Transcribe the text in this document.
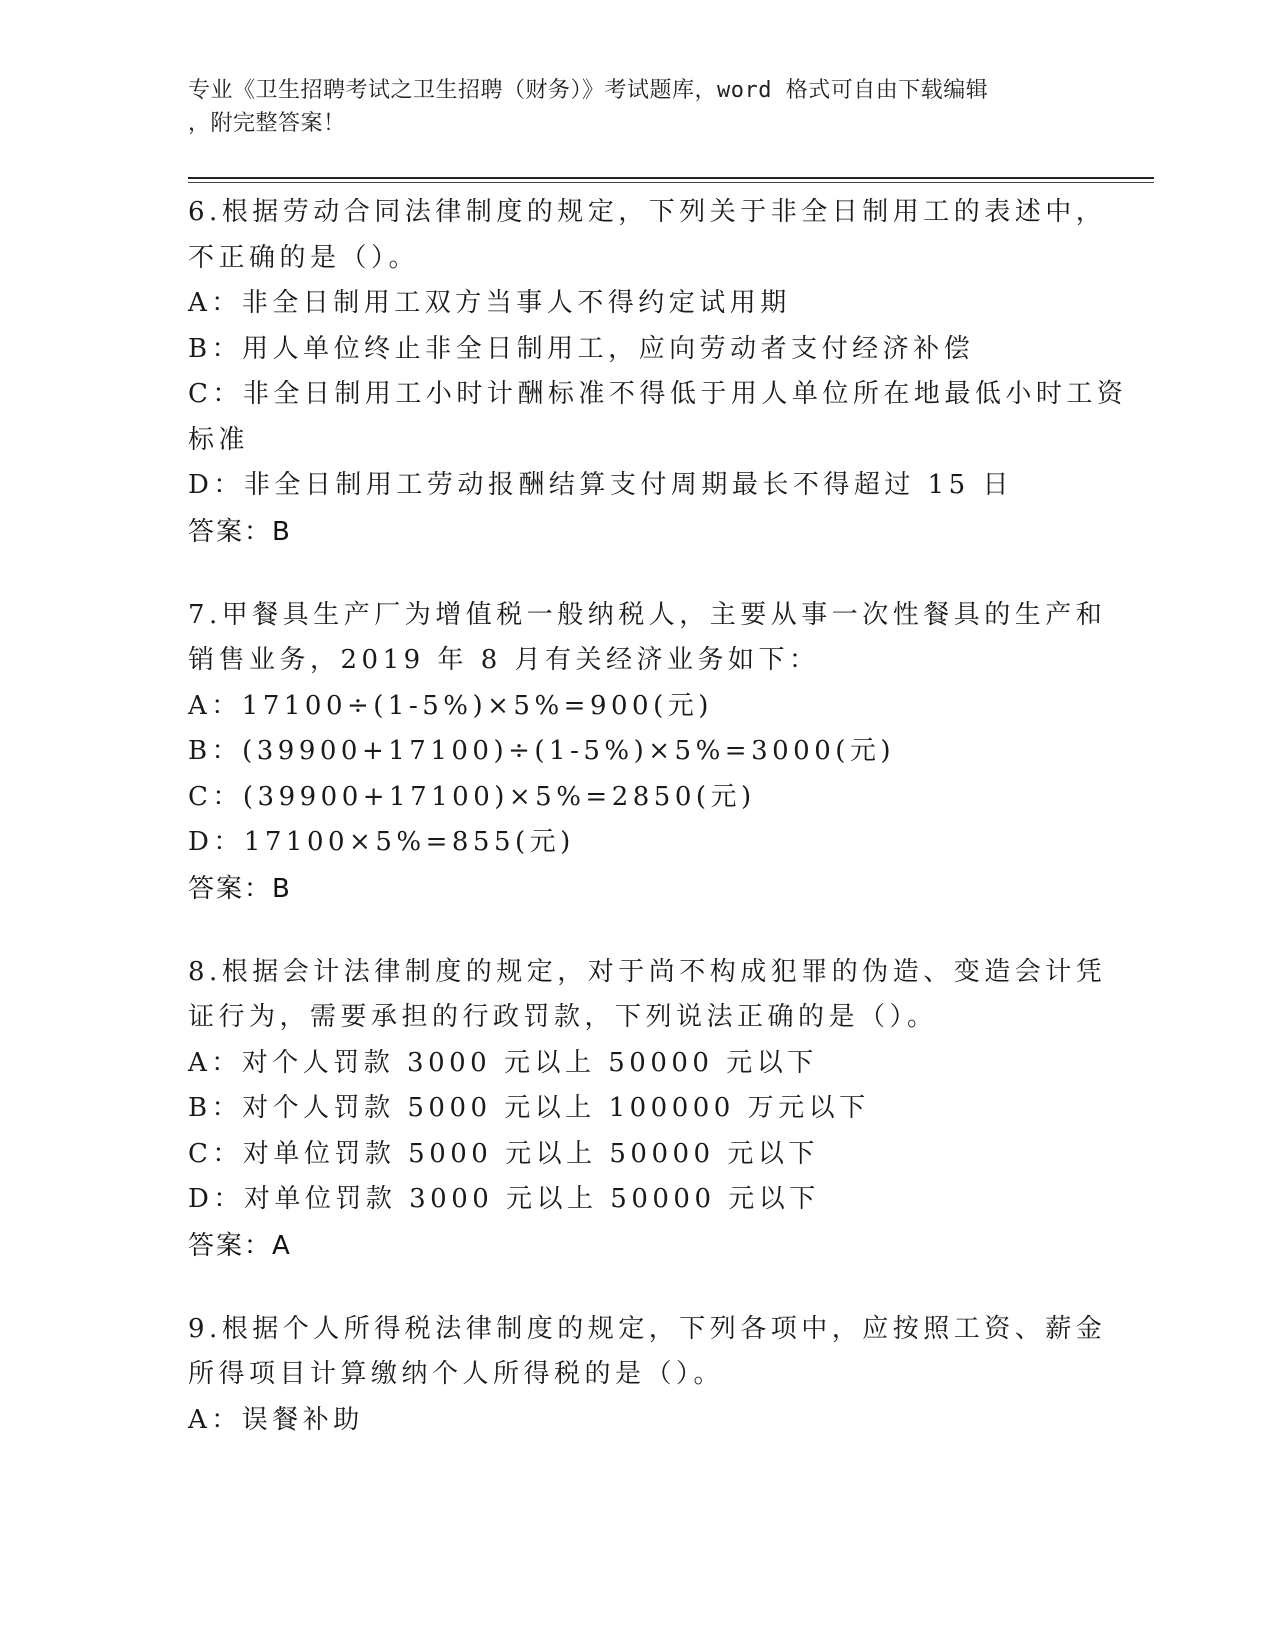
专业《卫生招聘考试之卫生招聘（财务）》考试题库，word 格式可自由下载编辑
，附完整答案！
6.根据劳动合同法律制度的规定，下列关于非全日制用工的表述中，
不正确的是（）。
A：非全日制用工双方当事人不得约定试用期
B：用人单位终止非全日制用工，应向劳动者支付经济补偿
C：非全日制用工小时计酬标准不得低于用人单位所在地最低小时工资
标准
D：非全日制用工劳动报酬结算支付周期最长不得超过 15 日
答案：B
7.甲餐具生产厂为增值税一般纳税人，主要从事一次性餐具的生产和
销售业务，2019 年 8 月有关经济业务如下：
A：17100÷(1-5%)×5%=900(元)
B：(39900+17100)÷(1-5%)×5%=3000(元)
C：(39900+17100)×5%=2850(元)
D：17100×5%=855(元)
答案：B
8.根据会计法律制度的规定，对于尚不构成犯罪的伪造、变造会计凭
证行为，需要承担的行政罚款，下列说法正确的是（）。
A：对个人罚款 3000 元以上 50000 元以下
B：对个人罚款 5000 元以上 100000 万元以下
C：对单位罚款 5000 元以上 50000 元以下
D：对单位罚款 3000 元以上 50000 元以下
答案：A
9.根据个人所得税法律制度的规定，下列各项中，应按照工资、薪金
所得项目计算缴纳个人所得税的是（）。
A：误餐补助
